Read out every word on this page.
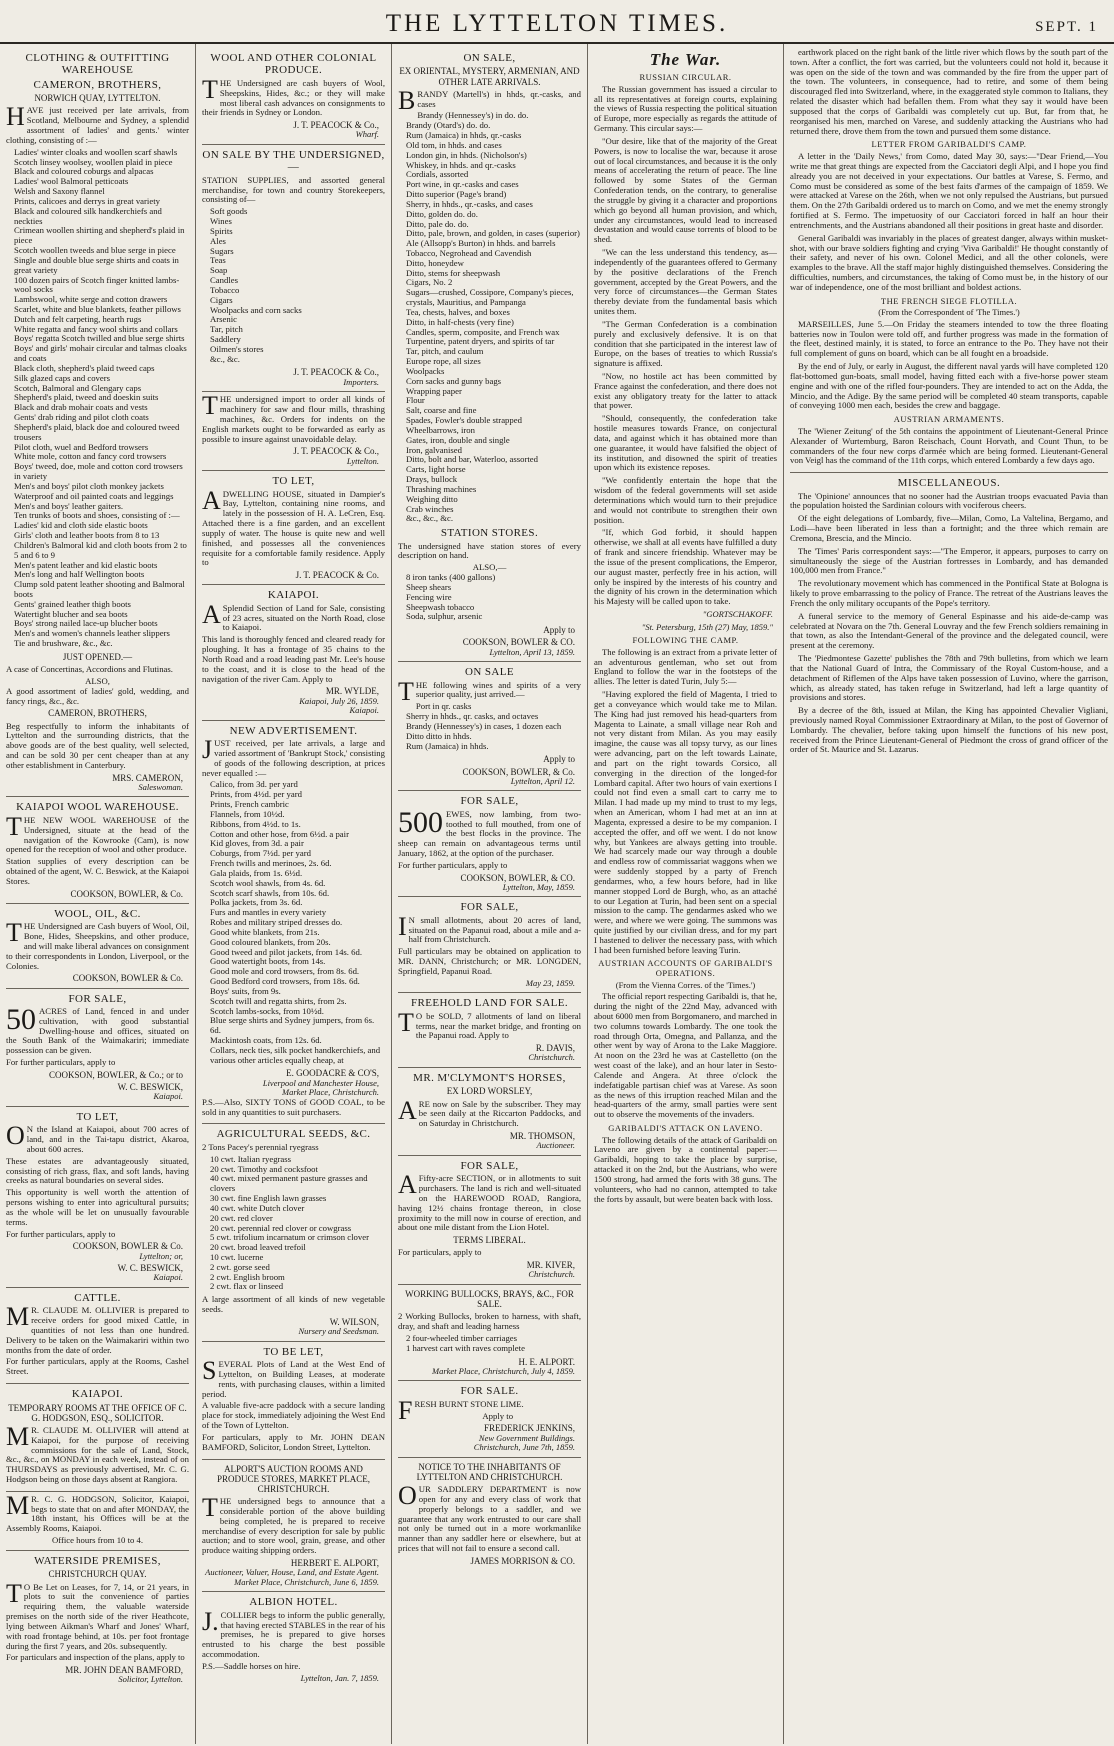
THE LYTTELTON TIMES.	SEPT. 1
CLOTHING & OUTFITTING WAREHOUSE
CAMERON, BROTHERS,
NORWICH QUAY, LYTTELTON.

HAVE just received per late arrivals, from Scotland, Melbourne and Sydney, a splendid assortment of ladies' and gents.' winter clothing, consisting of :—

Ladies' winter cloaks and woollen scarf shawls
Scotch linsey woolsey, woollen plaid in piece
Black and coloured coburgs and alpacas
Ladies' wool Balmoral petticoats
Welsh and Saxony flannel
Prints, calicoes and derrys in great variety
Black and coloured silk handkerchiefs and neckties
Crimean woollen shirting and shepherd's plaid in piece
Scotch woollen tweeds and blue serge in piece
Single and double blue serge shirts and coats in great variety
100 dozen pairs of Scotch finger knitted lambs-wool socks
Lambswool, white serge and cotton drawers
Scarlet, white and blue blankets, feather pillows
Dutch and felt carpeting, hearth rugs
White regatta and fancy wool shirts and collars
Boys' regatta Scotch twilled and blue serge shirts
Boys' and girls' mohair circular and talmas cloaks and coats
Black cloth, shepherd's plaid tweed caps
Silk glazed caps and covers
Scotch, Balmoral and Glengary caps
Shepherd's plaid, tweed and doeskin suits
Black and drab mohair coats and vests
Gents' drab riding and pilot cloth coats
Shepherd's plaid, black doe and coloured tweed trousers
Pilot cloth, wuel and Bedford trowsers
White mole, cotton and fancy cord trowsers
Boys' tweed, doe, mole and cotton cord trowsers in variety
Men's and boys' pilot cloth monkey jackets
Waterproof and oil painted coats and leggings
Men's and boys' leather gaiters.
Ten trunks of boots and shoes, consisting of :—
Ladies' kid and cloth side elastic boots
Girls' cloth and leather boots from 8 to 13
Children's Balmoral kid and cloth boots from 2 to 5 and 6 to 9
Men's patent leather and kid elastic boots
Men's long and half Wellington boots
Clump sold patent leather shooting and Balmoral boots
Gents' grained leather thigh boots
Watertight blucher and sea boots
Boys' strong nailed lace-up blucher boots
Men's and women's channels leather slippers
Tie and brushware, &c., &c.
JUST OPENED.—

A case of Concertinas, Accordions and Flutinas.

ALSO,

A good assortment of ladies' gold, wedding, and fancy rings, &c., &c.

CAMERON, BROTHERS,

Beg respectfully to inform the inhabitants of Lyttelton and the surrounding districts, that the above goods are of the best quality, well selected, and can be sold 30 per cent cheaper than at any other establishment in Canterbury.

MRS. CAMERON,
Saleswoman.
KAIAPOI WOOL WAREHOUSE.

THE NEW WOOL WAREHOUSE of the Undersigned, situate at the head of the navigation of the Kowrooke (Cam), is now opened for the reception of wool and other produce.

Station supplies of every description can be obtained of the agent, W. C. Beswick, at the Kaiapoi Stores.

COOKSON, BOWLER, & Co.
WOOL, OIL, &C.

THE Undersigned are Cash buyers of Wool, Oil, Bone, Hides, Sheepskins, and other produce, and will make liberal advances on consignment to their correspondents in London, Liverpool, or the Colonies.

COOKSON, BOWLER & Co.
FOR SALE,

50 ACRES of Land, fenced in and under cultivation, with good substantial Dwelling-house and offices, situated on the South Bank of the Waimakariri; immediate possession can be given.

For further particulars, apply to

COOKSON, BOWLER, & Co.; or to
W. C. BESWICK,
Kaiapoi.
TO LET,

ON the Island at Kaiapoi, about 700 acres of land, and in the Tai-tapu district, Akaroa, about 600 acres.

These estates are advantageously situated, consisting of rich grass, flax, and soft lands, having creeks as natural boundaries on several sides.

This opportunity is well worth the attention of persons wishing to enter into agricultural pursuits; as the whole will be let on unusually favourable terms.

For further particulars, apply to

COOKSON, BOWLER & Co.
Lyttelton; or,
W. C. BESWICK,
Kaiapoi.
CATTLE.

MR. CLAUDE M. OLLIVIER is prepared to receive orders for good mixed Cattle, in quantities of not less than one hundred. Delivery to be taken on the Waimakariri within two months from the date of order.

For further particulars, apply at the Rooms, Cashel Street.

KAIAPOI.
TEMPORARY ROOMS AT THE OFFICE OF C. G. HODGSON, ESQ., SOLICITOR.

MR. CLAUDE M. OLLIVIER will attend at Kaiapoi, for the purpose of receiving commissions for the sale of Land, Stock, &c., &c., on MONDAY in each week, instead of on THURSDAYS as previously advertised, Mr. C. G. Hodgson being on those days absent at Rangiora.

MR. C. G. HODGSON, Solicitor, Kaiapoi, begs to state that on and after MONDAY, the 18th instant, his Offices will be at the Assembly Rooms, Kaiapoi.

Office hours from 10 to 4.
WATERSIDE PREMISES,
CHRISTCHURCH QUAY.

TO Be Let on Leases, for 7, 14, or 21 years, in plots to suit the convenience of parties requiring them, the valuable waterside premises on the north side of the river Heathcote, lying between Aikman's Wharf and Jones' Wharf, with road frontage behind, at 10s. per foot frontage during the first 7 years, and 20s. subsequently.

For particulars and inspection of the plans, apply to

MR. JOHN DEAN BAMFORD,
Solicitor, Lyttelton.
WOOL AND OTHER COLONIAL PRODUCE.

THE Undersigned are cash buyers of Wool, Sheepskins, Hides, &c.; or they will make most liberal cash advances on consignments to their friends in Sydney or London.

J. T. PEACOCK & Co.,
Wharf.
ON SALE BY THE UNDERSIGNED,—

STATION SUPPLIES, and assorted general merchandise, for town and country Storekeepers, consisting of—

Soft goods
Wines
Spirits
Ales
Sugars
Teas
Soap
Candles
Tobacco
Cigars
Woolpacks and corn sacks
Arsenic
Tar, pitch
Saddlery
Oilmen's stores
&c., &c.
J. T. PEACOCK & Co.,
Importers.

THE undersigned import to order all kinds of machinery for saw and flour mills, thrashing machines, &c. Orders for indents on the English markets ought to be forwarded as early as possible to insure against unavoidable delay.

J. T. PEACOCK & Co.,
Lyttelton.
TO LET,

ADWELLING HOUSE, situated in Dampier's Bay, Lyttelton, containing nine rooms, and lately in the possession of H. A. LeCren, Esq. Attached there is a fine garden, and an excellent supply of water. The house is quite new and well finished, and possesses all the conveniences requisite for a comfortable family residence. Apply to

J. T. PEACOCK & Co.
KAIAPOI.

ASplendid Section of Land for Sale, consisting of 23 acres, situated on the North Road, close to Kaiapoi.

This land is thoroughly fenced and cleared ready for ploughing. It has a frontage of 35 chains to the North Road and a road leading past Mr. Lee's house to the coast, and it is close to the head of the navigation of the river Cam. Apply to

MR. WYLDE,
Kaiapoi, July 26, 1859.
Kaiapoi.
NEW ADVERTISEMENT.

JUST received, per late arrivals, a large and varied assortment of 'Bankrupt Stock,' consisting of goods of the following description, at prices never equalled :—

Calico, from 3d. per yard
Prints, from 4½d. per yard
Prints, French cambric
Flannels, from 10½d.
Ribbons, from 4½d. to 1s.
Cotton and other hose, from 6½d. a pair
Kid gloves, from 3d. a pair
Coburgs, from 7½d. per yard
French twills and merinoes, 2s. 6d.
Gala plaids, from 1s. 6½d.
Scotch wool shawls, from 4s. 6d.
Scotch scarf shawls, from 10s. 6d.
Polka jackets, from 3s. 6d.
Furs and mantles in every variety
Robes and military striped dresses do.
Good white blankets, from 21s.
Good coloured blankets, from 20s.
Good tweed and pilot jackets, from 14s. 6d.
Good watertight boots, from 14s.
Good mole and cord trowsers, from 8s. 6d.
Good Bedford cord trowsers, from 18s. 6d.
Boys' suits, from 9s.
Scotch twill and regatta shirts, from 2s.
Scotch lambs-socks, from 10½d.
Blue serge shirts and Sydney jumpers, from 6s. 6d.
Mackintosh coats, from 12s. 6d.
Collars, neck ties, silk pocket handkerchiefs, and various other articles equally cheap, at
E. GOODACRE & CO'S,
Liverpool and Manchester House,
Market Place, Christchurch.

P.S.—Also, SIXTY TONS of GOOD COAL, to be sold in any quantities to suit purchasers.

AGRICULTURAL SEEDS, &C.

2 Tons Pacey's perennial ryegrass

10 cwt. Italian ryegrass
20 cwt. Timothy and cocksfoot
40 cwt. mixed permanent pasture grasses and clovers
30 cwt. fine English lawn grasses
40 cwt. white Dutch clover
20 cwt. red clover
20 cwt. perennial red clover or cowgrass
5 cwt. trifolium incarnatum or crimson clover
20 cwt. broad leaved trefoil
10 cwt. lucerne
2 cwt. gorse seed
2 cwt. English broom
2 cwt. flax or linseed

A large assortment of all kinds of new vegetable seeds.

W. WILSON,
Nursery and Seedsman.
TO BE LET,

SEVERAL Plots of Land at the West End of Lyttelton, on Building Leases, at moderate rents, with purchasing clauses, within a limited period.

A valuable five-acre paddock with a secure landing place for stock, immediately adjoining the West End of the Town of Lyttelton.

For particulars, apply to Mr. JOHN DEAN BAMFORD, Solicitor, London Street, Lyttelton.

ALPORT'S AUCTION ROOMS AND PRODUCE STORES, MARKET PLACE, CHRISTCHURCH.

THE undersigned begs to announce that a considerable portion of the above building being completed, he is prepared to receive merchandise of every description for sale by public auction; and to store wool, grain, grease, and other produce waiting shipping orders.

HERBERT E. ALPORT,
Auctioneer, Valuer, House, Land, and Estate Agent.
Market Place, Christchurch, June 6, 1859.
ALBION HOTEL.

J.COLLIER begs to inform the public generally, that having erected STABLES in the rear of his premises, he is prepared to give horses entrusted to his charge the best possible accommodation.

P.S.—Saddle horses on hire.

Lyttelton, Jan. 7, 1859.
ON SALE,
EX ORIENTAL, MYSTERY, ARMENIAN, AND OTHER LATE ARRIVALS.

BRANDY (Martell's) in hhds, qr.-casks, and cases

Brandy (Hennessey's) in do. do.
Brandy (Otard's) do. do.
Rum (Jamaica) in hhds, qr.-casks
Old tom, in hhds. and cases
London gin, in hhds. (Nicholson's)
Whiskey, in hhds. and qr.-casks
Cordials, assorted
Port wine, in qr.-casks and cases
Ditto superior (Page's brand)
Sherry, in hhds., qr.-casks, and cases
Ditto, golden do. do.
Ditto, pale do. do.
Ditto, pale, brown, and golden, in cases (superior)
Ale (Allsopp's Burton) in hhds. and barrels
Tobacco, Negrohead and Cavendish
Ditto, honeydew
Ditto, stems for sheepwash
Cigars, No. 2
Sugars—crushed, Cossipore, Company's pieces, crystals, Mauritius, and Pampanga
Tea, chests, halves, and boxes
Ditto, in half-chests (very fine)
Candles, sperm, composite, and French wax
Turpentine, patent dryers, and spirits of tar
Tar, pitch, and caulum
Europe rope, all sizes
Woolpacks
Corn sacks and gunny bags
Wrapping paper
Flour
Salt, coarse and fine
Spades, Fowler's double strapped
Wheelbarrows, iron
Gates, iron, double and single
Iron, galvanised
Ditto, bolt and bar, Waterloo, assorted
Carts, light horse
Drays, bullock
Thrashing machines
Weighing ditto
Crab winches
&c., &c., &c.
STATION STORES.

The undersigned have station stores of every description on hand.

ALSO,—
8 iron tanks (400 gallons)
Sheep shears
Fencing wire
Sheepwash tobacco
Soda, sulphur, arsenic
Apply to
COOKSON, BOWLER & CO.
Lyttelton, April 13, 1859.
ON SALE

THE following wines and spirits of a very superior quality, just arrived.—

Port in qr. casks
Sherry in hhds., qr. casks, and octaves
Brandy (Hennessey's) in cases, 1 dozen each
Ditto ditto in hhds.
Rum (Jamaica) in hhds.
Apply to
COOKSON, BOWLER, & Co.
Lyttelton, April 12.
FOR SALE,

500 EWES, now lambing, from two-toothed to full mouthed, from one of the best flocks in the province. The sheep can remain on advantageous terms until January, 1862, at the option of the purchaser.

For further particulars, apply to

COOKSON, BOWLER, & CO.
Lyttelton, May, 1859.
FOR SALE,

IN small allotments, about 20 acres of land, situated on the Papanui road, about a mile and a-half from Christchurch.

Full particulars may be obtained on application to MR. DANN, Christchurch; or MR. LONGDEN, Springfield, Papanui Road.

May 23, 1859.
FREEHOLD LAND FOR SALE.

TO be SOLD, 7 allotments of land on liberal terms, near the market bridge, and fronting on the Papanui road. Apply to

R. DAVIS,
Christchurch.
MR. M'CLYMONT'S HORSES,
EX LORD WORSLEY,

ARE now on Sale by the subscriber. They may be seen daily at the Riccarton Paddocks, and on Saturday in Christchurch.

MR. THOMSON,
Auctioneer.
FOR SALE,

AFifty-acre SECTION, or in allotments to suit purchasers. The land is rich and well-situated on the HAREWOOD ROAD, Rangiora, having 12½ chains frontage thereon, in close proximity to the mill now in course of erection, and about one mile distant from the Lion Hotel.

TERMS LIBERAL.

For particulars, apply to

MR. KIVER,
Christchurch.
WORKING BULLOCKS, BRAYS, &C., FOR SALE.

2 Working Bullocks, broken to harness, with shaft, dray, and shaft and leading harness

2 four-wheeled timber carriages
1 harvest cart with raves complete
H. E. ALPORT.
Market Place, Christchurch, July 4, 1859.
FOR SALE.

FRESH BURNT STONE LIME.

Apply to
FREDERICK JENKINS,
New Government Buildings.
Christchurch, June 7th, 1859.
NOTICE TO THE INHABITANTS OF LYTTELTON AND CHRISTCHURCH.

OUR SADDLERY DEPARTMENT is now open for any and every class of work that properly belongs to a saddler, and we guarantee that any work entrusted to our care shall not only be turned out in a more workmanlike manner than any saddler here or elsewhere, but at prices that will not fail to ensure a second call.

JAMES MORRISON & CO.
The War.
RUSSIAN CIRCULAR.

The Russian government has issued a circular to all its representatives at foreign courts, explaining the views of Russia respecting the political situation of Europe, more especially as regards the attitude of Germany. This circular says:—

"Our desire, like that of the majority of the Great Powers, is now to localise the war, because it arose out of local circumstances, and because it is the only means of accelerating the return of peace. The line followed by some States of the German Confederation tends, on the contrary, to generalise the struggle by giving it a character and proportions which go beyond all human provision, and which, under any circumstances, would lead to increased devastation and would cause torrents of blood to be shed.

"We can the less understand this tendency, as—independently of the guarantees offered to Germany by the positive declarations of the French government, accepted by the Great Powers, and the very force of circumstances—the German States thereby deviate from the fundamental basis which unites them.

"The German Confederation is a combination purely and exclusively defensive. It is on that condition that she participated in the interest law of Europe, on the bases of treaties to which Russia's signature is affixed.

"Now, no hostile act has been committed by France against the confederation, and there does not exist any obligatory treaty for the latter to attack that power.

"Should, consequently, the confederation take hostile measures towards France, on conjectural data, and against which it has obtained more than one guarantee, it would have falsified the object of its institution, and disowned the spirit of treaties upon which its existence reposes.

"We confidently entertain the hope that the wisdom of the federal governments will set aside determinations which would turn to their prejudice and would not contribute to strengthen their own position.

"If, which God forbid, it should happen otherwise, we shall at all events have fulfilled a duty of frank and sincere friendship. Whatever may be the issue of the present complications, the Emperor, our august master, perfectly free in his action, will only be inspired by the interests of his country and the dignity of his crown in the determination which his Majesty will be called upon to take.

"GORTSCHAKOFF.
"St. Petersburg, 15th (27) May, 1859."
FOLLOWING THE CAMP.

The following is an extract from a private letter of an adventurous gentleman, who set out from England to follow the war in the footsteps of the allies. The letter is dated Turin, July 5:—

"Having explored the field of Magenta, I tried to get a conveyance which would take me to Milan. The King had just removed his head-quarters from Magenta to Lainate, a small village near Roh and not very distant from Milan. As you may easily imagine, the cause was all topsy turvy, as our lines were advancing, part on the left towards Lainate, and part on the right towards Corsico, all converging in the direction of the longed-for Lombard capital. After two hours of vain exertions I could not find even a small cart to carry me to Milan. I had made up my mind to trust to my legs, when an American, whom I had met at an inn at Magenta, expressed a desire to be my companion. I accepted the offer, and off we went. I do not know why, but Yankees are always getting into trouble. We had scarcely made our way through a double and endless row of commissariat waggons when we were suddenly stopped by a party of French gendarmes, who, a few hours before, had in like manner stopped Lord de Burgh, who, as an attaché to our Legation at Turin, had been sent on a special mission to the camp. The gendarmes asked who we were, and where we were going. The summons was quite justified by our civilian dress, and for my part I hastened to deliver the necessary pass, with which I had been furnished before leaving Turin.

AUSTRIAN ACCOUNTS OF GARIBALDI'S OPERATIONS.
(From the Vienna Corres. of the 'Times.')

The official report respecting Garibaldi is, that he, during the night of the 22nd May, advanced with about 6000 men from Borgomanero, and marched in two columns towards Lombardy. The one took the road through Orta, Omegna, and Pallanza, and the other went by way of Arona to the Lake Maggiore. At noon on the 23rd he was at Castelletto (on the west coast of the lake), and an hour later in Sesto-Calende and Angera. At three o'clock the indefatigable partisan chief was at Varese. As soon as the news of this irruption reached Milan and the head-quarters of the army, small parties were sent out to observe the movements of the invaders.

GARIBALDI'S ATTACK ON LAVENO.

The following details of the attack of Garibaldi on Laveno are given by a continental paper:—Garibaldi, hoping to take the place by surprise, attacked it on the 2nd, but the Austrians, who were 1500 strong, had armed the forts with 38 guns. The volunteers, who had no cannon, attempted to take the forts by assault, but were beaten back with loss.

earthwork placed on the right bank of the little river which flows by the south part of the town. After a conflict, the fort was carried, but the volunteers could not hold it, because it was open on the side of the town and was commanded by the fire from the upper part of the town. The volunteers, in consequence, had to retire, and some of them being discouraged fled into Switzerland, where, in the exaggerated style common to Italians, they related the disaster which had befallen them. From what they say it would have been supposed that the corps of Garibaldi was completely cut up. But, far from that, he reorganised his men, marched on Varese, and suddenly attacking the Austrians who had returned there, drove them from the town and pursued them some distance.

LETTER FROM GARIBALDI'S CAMP.

A letter in the 'Daily News,' from Como, dated May 30, says:—"Dear Friend,—You write me that great things are expected from the Cacciatori degli Alpi, and I hope you find already you are not deceived in your expectations. Our battles at Varese, S. Fermo, and Como must be considered as some of the best faits d'armes of the campaign of 1859. We were attacked at Varese on the 26th, when we not only repulsed the Austrians, but pursued them. On the 27th Garibaldi ordered us to march on Como, and we met the enemy strongly fortified at S. Fermo. The impetuosity of our Cacciatori forced in half an hour their entrenchments, and the Austrians abandoned all their positions in great haste and disorder.

General Garibaldi was invariably in the places of greatest danger, always within musket-shot, with our brave soldiers fighting and crying 'Viva Garibaldi!' He thought constantly of their safety, and never of his own. Colonel Medici, and all the other colonels, were examples to the brave. All the staff major highly distinguished themselves. Considering the difficulties, numbers, and circumstances, the taking of Como must be, in the history of our war of independence, one of the most brilliant and boldest actions.

THE FRENCH SIEGE FLOTILLA.
(From the Correspondent of 'The Times.')

MARSEILLES, June 5.—On Friday the steamers intended to tow the three floating batteries now in Toulon were told off, and further progress was made in the formation of the fleet, destined mainly, it is stated, to force an entrance to the Po. They have not their full complement of guns on board, which can be all fought en a broadside.

By the end of July, or early in August, the different naval yards will have completed 120 flat-bottomed gun-boats, small model, having fitted each with a five-horse power steam engine and with one of the rifled four-pounders. They are intended to act on the Adda, the Mincio, and the Adige. By the same period will be completed 40 steam transports, capable of conveying 1000 men each, besides the crew and baggage.

AUSTRIAN ARMAMENTS.

The 'Wiener Zeitung' of the 5th contains the appointment of Lieutenant-General Prince Alexander of Wurtemburg, Baron Reischach, Count Horvath, and Count Thun, to be commanders of the four new corps d'armée which are being formed. Lieutenant-General von Veigl has the command of the 11th corps, which entered Lombardy a few days ago.

MISCELLANEOUS.

The 'Opinione' announces that no sooner had the Austrian troops evacuated Pavia than the population hoisted the Sardinian colours with vociferous cheers.

Of the eight delegations of Lombardy, five—Milan, Como, La Valtelina, Bergamo, and Lodi—have been liberated in less than a fortnight; and the three which remain are Cremona, Brescia, and the Mincio.

The 'Times' Paris correspondent says:—"The Emperor, it appears, purposes to carry on simultaneously the siege of the Austrian fortresses in Lombardy, and has demanded 100,000 men from France."

The revolutionary movement which has commenced in the Pontifical State at Bologna is likely to prove embarrassing to the policy of France. The retreat of the Austrians leaves the French the only military occupants of the Pope's territory.

A funeral service to the memory of General Espinasse and his aide-de-camp was celebrated at Novara on the 7th. General Louvray and the few French soldiers remaining in that town, as also the Intendant-General of the province and the delegated council, were present at the ceremony.

The 'Piedmontese Gazette' publishes the 78th and 79th bulletins, from which we learn that the National Guard of Intra, the Commissary of the Royal Custom-house, and a detachment of Riflemen of the Alps have taken possession of Luvino, where the garrison, which, as already stated, has taken refuge in Switzerland, had left a large quantity of provisions and stores.

By a decree of the 8th, issued at Milan, the King has appointed Chevalier Vigliani, previously named Royal Commissioner Extraordinary at Milan, to the post of Governor of Lombardy. The chevalier, before taking upon himself the functions of his new post, received from the Prince Lieutenant-General of Piedmont the cross of grand officer of the order of St. Maurice and St. Lazarus.
